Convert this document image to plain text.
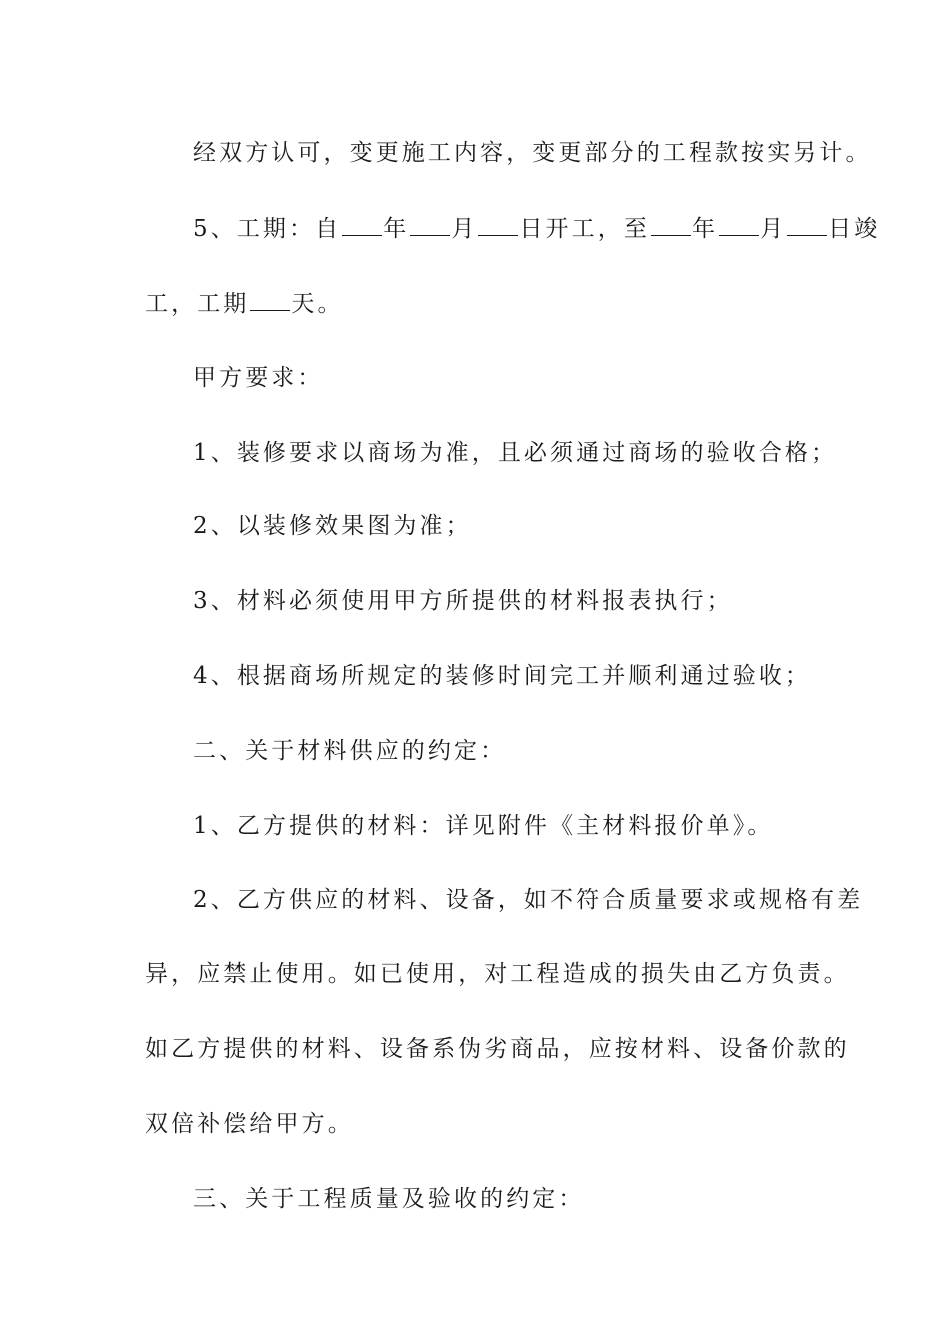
经双方认可，变更施工内容，变更部分的工程款按实另计。
5、工期：自 年 月 日开工，至 年 月 日竣
工，工期 天。
甲方要求：
1、装修要求以商场为准，且必须通过商场的验收合格；
2、以装修效果图为准；
3、材料必须使用甲方所提供的材料报表执行；
4、根据商场所规定的装修时间完工并顺利通过验收；
二、关于材料供应的约定：
1、乙方提供的材料：详见附件《主材料报价单》。
2、乙方供应的材料、设备，如不符合质量要求或规格有差
异，应禁止使用。如已使用，对工程造成的损失由乙方负责。
如乙方提供的材料、设备系伪劣商品，应按材料、设备价款的
双倍补偿给甲方。
三、关于工程质量及验收的约定：
